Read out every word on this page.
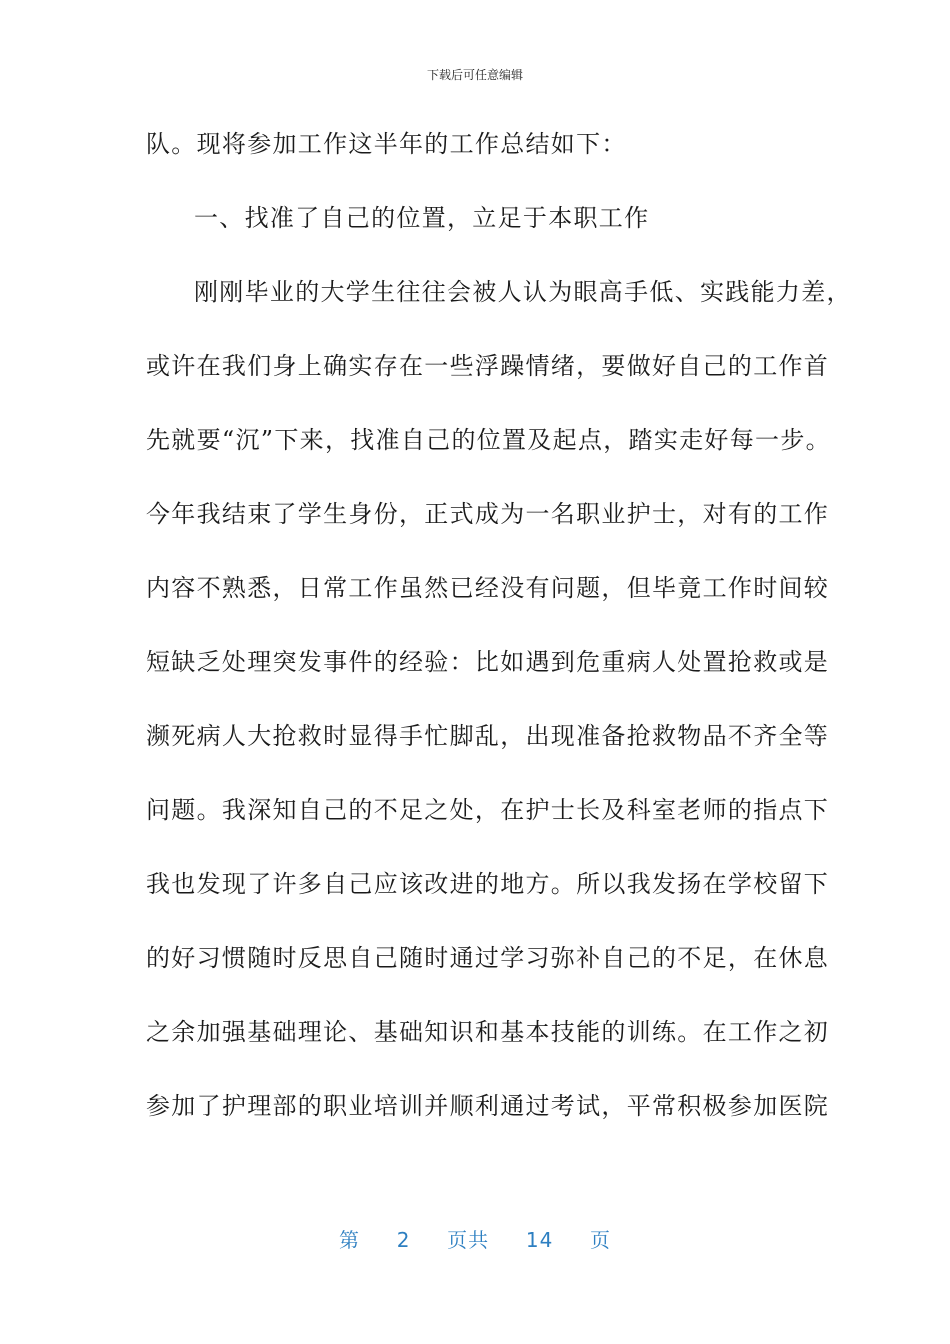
下载后可任意编辑
队。现将参加工作这半年的工作总结如下：
一、找准了自己的位置，立足于本职工作
刚刚毕业的大学生往往会被人认为眼高手低、实践能力差，
或许在我们身上确实存在一些浮躁情绪，要做好自己的工作首
先就要“沉”下来，找准自己的位置及起点，踏实走好每一步。
今年我结束了学生身份，正式成为一名职业护士，对有的工作
内容不熟悉，日常工作虽然已经没有问题，但毕竟工作时间较
短缺乏处理突发事件的经验：比如遇到危重病人处置抢救或是
濒死病人大抢救时显得手忙脚乱，出现准备抢救物品不齐全等
问题。我深知自己的不足之处，在护士长及科室老师的指点下
我也发现了许多自己应该改进的地方。所以我发扬在学校留下
的好习惯随时反思自己随时通过学习弥补自己的不足，在休息
之余加强基础理论、基础知识和基本技能的训练。在工作之初
参加了护理部的职业培训并顺利通过考试，平常积极参加医院
第 2 页共 14 页
